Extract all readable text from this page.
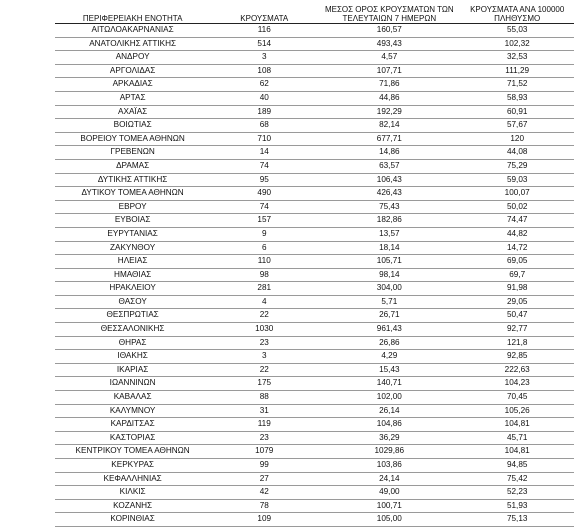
ΠΕΡΙΦΕΡΕΙΑΚΗ ΕΝΟΤΗΤΑ	ΚΡΟΥΣΜΑΤΑ	ΜΕΣΟΣ ΟΡΟΣ ΚΡΟΥΣΜΑΤΩΝ ΤΩΝ ΤΕΛΕΥΤΑΙΩΝ 7 ΗΜΕΡΩΝ	ΚΡΟΥΣΜΑΤΑ ΑΝΑ 100000 ΠΛΗΘΥΣΜΟ
ΑΙΤΩΛΟΑΚΑΡΝΑΝΙΑΣ	116	160,57	55,03
ΑΝΑΤΟΛΙΚΗΣ ΑΤΤΙΚΗΣ	514	493,43	102,32
ΑΝΔΡΟΥ	3	4,57	32,53
ΑΡΓΟΛΙΔΑΣ	108	107,71	111,29
ΑΡΚΑΔΙΑΣ	62	71,86	71,52
ΑΡΤΑΣ	40	44,86	58,93
ΑΧΑΪΑΣ	189	192,29	60,91
ΒΟΙΩΤΙΑΣ	68	82,14	57,67
ΒΟΡΕΙΟΥ ΤΟΜΕΑ ΑΘΗΝΩΝ	710	677,71	120
ΓΡΕΒΕΝΩΝ	14	14,86	44,08
ΔΡΑΜΑΣ	74	63,57	75,29
ΔΥΤΙΚΗΣ ΑΤΤΙΚΗΣ	95	106,43	59,03
ΔΥΤΙΚΟΥ ΤΟΜΕΑ ΑΘΗΝΩΝ	490	426,43	100,07
ΕΒΡΟΥ	74	75,43	50,02
ΕΥΒΟΙΑΣ	157	182,86	74,47
ΕΥΡΥΤΑΝΙΑΣ	9	13,57	44,82
ΖΑΚΥΝΘΟΥ	6	18,14	14,72
ΗΛΕΙΑΣ	110	105,71	69,05
ΗΜΑΘΙΑΣ	98	98,14	69,7
ΗΡΑΚΛΕΙΟΥ	281	304,00	91,98
ΘΑΣΟΥ	4	5,71	29,05
ΘΕΣΠΡΩΤΙΑΣ	22	26,71	50,47
ΘΕΣΣΑΛΟΝΙΚΗΣ	1030	961,43	92,77
ΘΗΡΑΣ	23	26,86	121,8
ΙΘΑΚΗΣ	3	4,29	92,85
ΙΚΑΡΙΑΣ	22	15,43	222,63
ΙΩΑΝΝΙΝΩΝ	175	140,71	104,23
ΚΑΒΑΛΑΣ	88	102,00	70,45
ΚΑΛΥΜΝΟΥ	31	26,14	105,26
ΚΑΡΔΙΤΣΑΣ	119	104,86	104,81
ΚΑΣΤΟΡΙΑΣ	23	36,29	45,71
ΚΕΝΤΡΙΚΟΥ ΤΟΜΕΑ ΑΘΗΝΩΝ	1079	1029,86	104,81
ΚΕΡΚΥΡΑΣ	99	103,86	94,85
ΚΕΦΑΛΛΗΝΙΑΣ	27	24,14	75,42
ΚΙΛΚΙΣ	42	49,00	52,23
ΚΟΖΑΝΗΣ	78	100,71	51,93
ΚΟΡΙΝΘΙΑΣ	109	105,00	75,13
